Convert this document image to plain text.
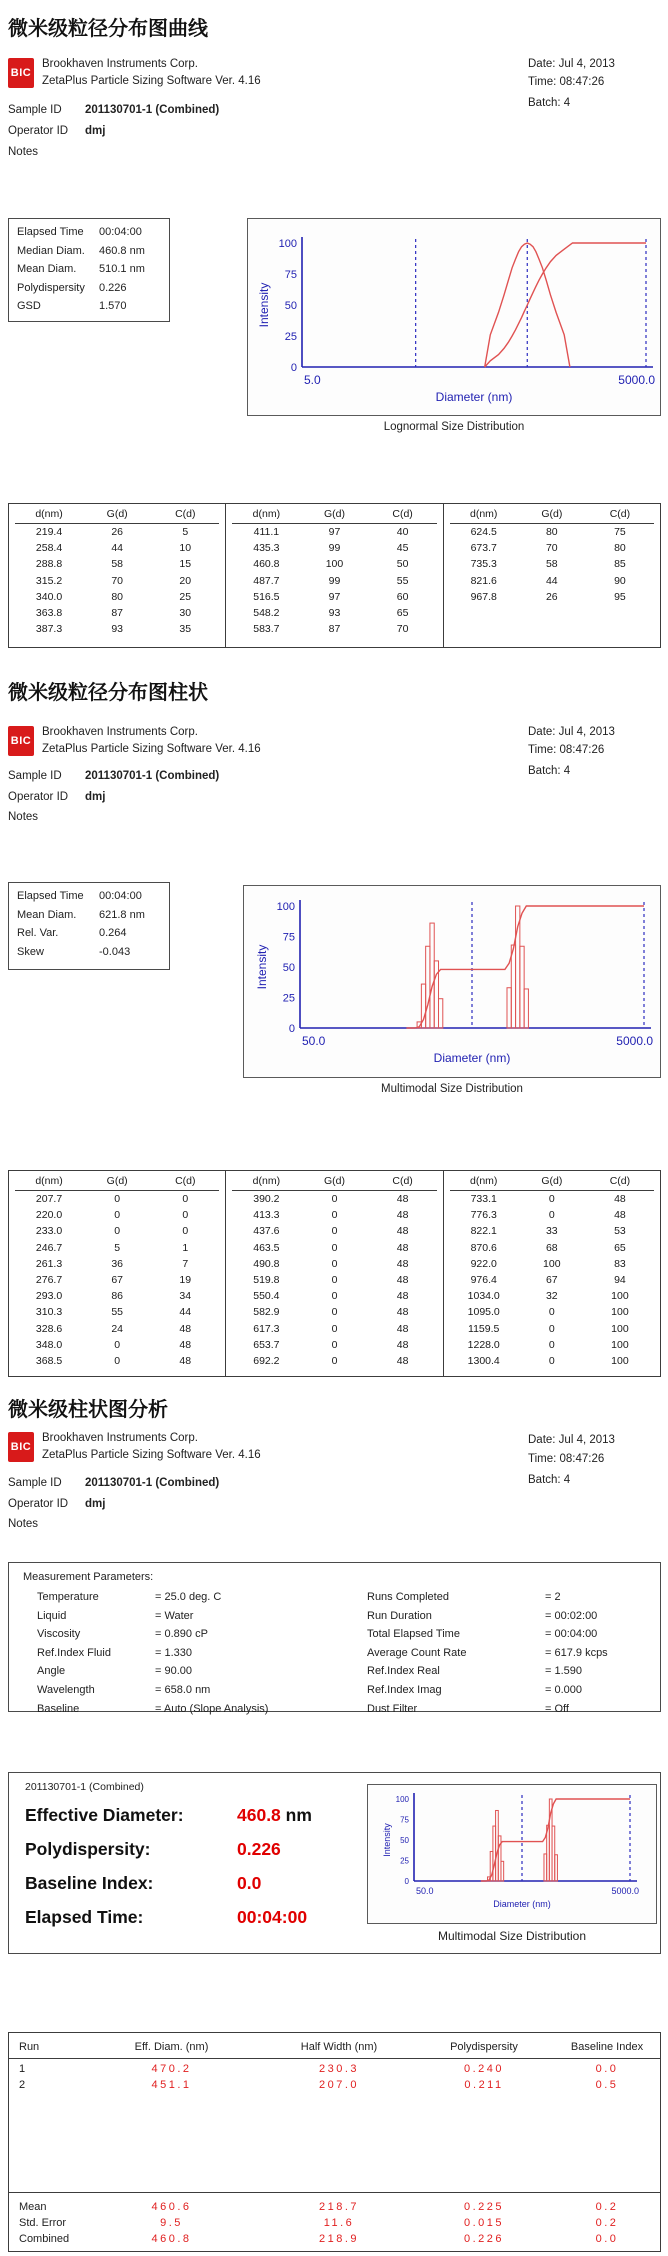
微米级粒径分布图曲线
BIC
Brookhaven Instruments Corp.
ZetaPlus Particle Sizing Software Ver. 4.16
Date: Jul 4, 2013
Time: 08:47:26
Batch: 4
Sample ID 201130701-1 (Combined)
Operator ID dmj
Notes
Elapsed Time	00:04:00
Median Diam.	460.8 nm
Mean Diam.	510.1 nm
Polydispersity	0.226
GSD	1.570
0
25
50
75
100
Intensity
5.0	5000.0
Diameter (nm)
Lognormal Size Distribution
d(nm)	G(d)	C(d)
219.4	26	5
258.4	44	10
288.8	58	15
315.2	70	20
340.0	80	25
363.8	87	30
387.3	93	35
d(nm)	G(d)	C(d)
411.1	97	40
435.3	99	45
460.8	100	50
487.7	99	55
516.5	97	60
548.2	93	65
583.7	87	70
d(nm)	G(d)	C(d)
624.5	80	75
673.7	70	80
735.3	58	85
821.6	44	90
967.8	26	95
微米级粒径分布图柱状
BIC
Brookhaven Instruments Corp.
ZetaPlus Particle Sizing Software Ver. 4.16
Date: Jul 4, 2013
Time: 08:47:26
Batch: 4
Sample ID 201130701-1 (Combined)
Operator ID dmj
Notes
Elapsed Time	00:04:00
Mean Diam.	621.8 nm
Rel. Var.	0.264
Skew	-0.043
0
25
50
75
100
Intensity
50.0	5000.0
Diameter (nm)
Multimodal Size Distribution
d(nm)	G(d)	C(d)
207.7	0	0
220.0	0	0
233.0	0	0
246.7	5	1
261.3	36	7
276.7	67	19
293.0	86	34
310.3	55	44
328.6	24	48
348.0	0	48
368.5	0	48
d(nm)	G(d)	C(d)
390.2	0	48
413.3	0	48
437.6	0	48
463.5	0	48
490.8	0	48
519.8	0	48
550.4	0	48
582.9	0	48
617.3	0	48
653.7	0	48
692.2	0	48
d(nm)	G(d)	C(d)
733.1	0	48
776.3	0	48
822.1	33	53
870.6	68	65
922.0	100	83
976.4	67	94
1034.0	32	100
1095.0	0	100
1159.5	0	100
1228.0	0	100
1300.4	0	100
微米级柱状图分析
BIC
Brookhaven Instruments Corp.
ZetaPlus Particle Sizing Software Ver. 4.16
Date: Jul 4, 2013
Time: 08:47:26
Batch: 4
Sample ID 201130701-1 (Combined)
Operator ID dmj
Notes
Measurement Parameters:
Temperature	= 25.0 deg. C
Liquid	= Water
Viscosity	= 0.890 cP
Ref.Index Fluid	= 1.330
Angle	= 90.00
Wavelength	= 658.0 nm
Baseline	= Auto (Slope Analysis)
Runs Completed	= 2
Run Duration	= 00:02:00
Total Elapsed Time	= 00:04:00
Average Count Rate	= 617.9 kcps
Ref.Index Real	= 1.590
Ref.Index Imag	= 0.000
Dust Filter	= Off
201130701-1 (Combined)
0
25
50
75
100
Intensity
50.0	5000.0
Diameter (nm)
Multimodal Size Distribution
Effective Diameter:	460.8 nm
Polydispersity:	0.226
Baseline Index:	0.0
Elapsed Time:	00:04:00
Run	Eff. Diam. (nm)	Half Width (nm)	Polydispersity	Baseline Index
1	470.2	230.3	0.240	0.0
2	451.1	207.0	0.211	0.5
Mean	460.6	218.7	0.225	0.2
Std. Error	9.5	11.6	0.015	0.2
Combined	460.8	218.9	0.226	0.0
